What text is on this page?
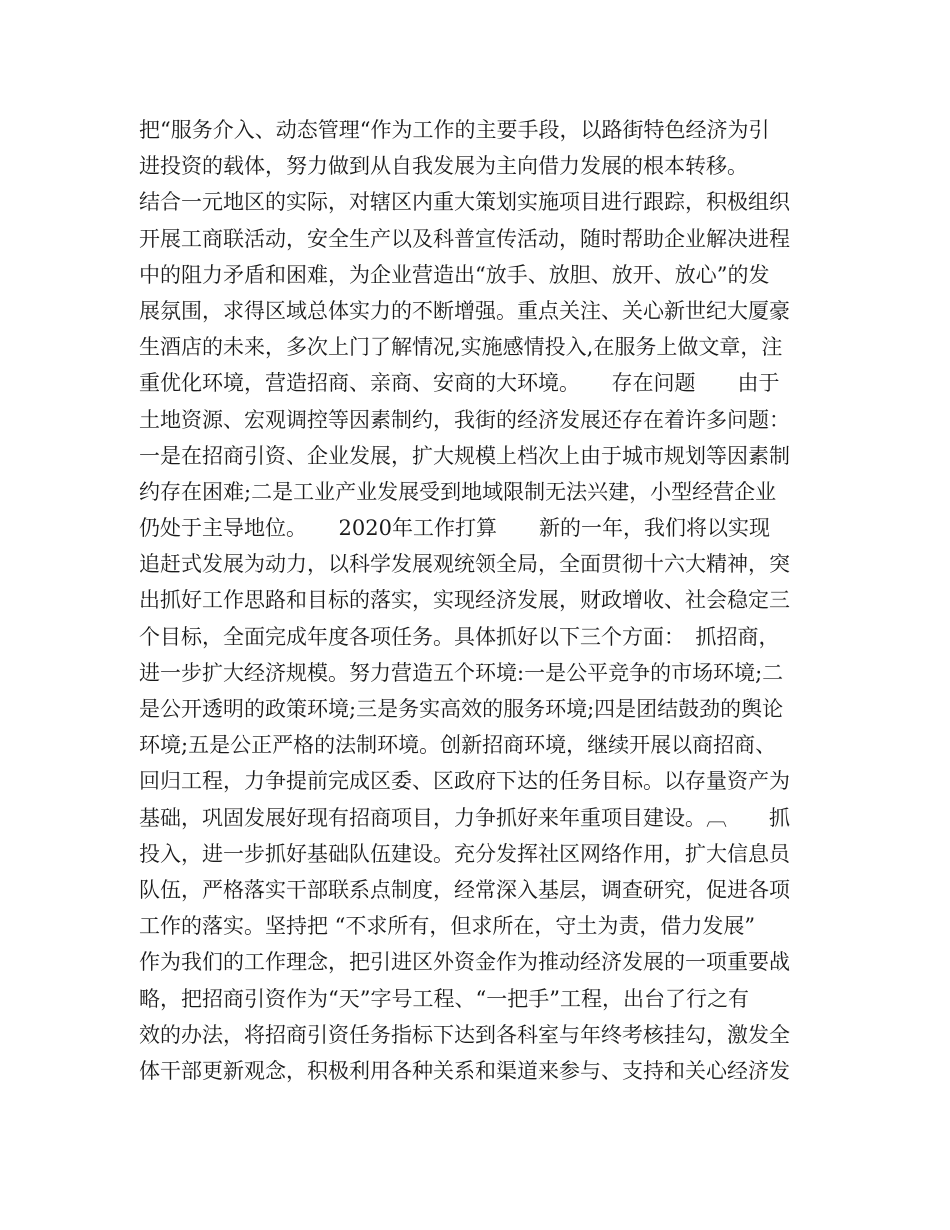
把“服务介入、动态管理“作为工作的主要手段，以路街特色经济为引
进投资的载体，努力做到从自我发展为主向借力发展的根本转移。
结合一元地区的实际，对辖区内重大策划实施项目进行跟踪，积极组织
开展工商联活动，安全生产以及科普宣传活动，随时帮助企业解决进程
中的阻力矛盾和困难，为企业营造出“放手、放胆、放开、放心”的发
展氛围，求得区域总体实力的不断增强。重点关注、关心新世纪大厦豪
生酒店的未来，多次上门了解情况,实施感情投入,在服务上做文章，注
重优化环境，营造招商、亲商、安商的大环境。　　存在问题　　由于
土地资源、宏观调控等因素制约，我街的经济发展还存在着许多问题：
一是在招商引资、企业发展，扩大规模上档次上由于城市规划等因素制
约存在困难;二是工业产业发展受到地域限制无法兴建，小型经营企业
仍处于主导地位。　　2020年工作打算　　新的一年，我们将以实现
追赶式发展为动力，以科学发展观统领全局，全面贯彻十六大精神，突
出抓好工作思路和目标的落实，实现经济发展，财政增收、社会稳定三
个目标，全面完成年度各项任务。具体抓好以下三个方面：　抓招商，
进一步扩大经济规模。努力营造五个环境:一是公平竞争的市场环境;二
是公开透明的政策环境;三是务实高效的服务环境;四是团结鼓劲的舆论
环境;五是公正严格的法制环境。创新招商环境，继续开展以商招商、
回归工程，力争提前完成区委、区政府下达的任务目标。以存量资产为
基础，巩固发展好现有招商项目，力争抓好来年重项目建设。︹　　抓
投入，进一步抓好基础队伍建设。充分发挥社区网络作用，扩大信息员
队伍，严格落实干部联系点制度，经常深入基层，调查研究，促进各项
工作的落实。坚持把 “不求所有，但求所在，守土为责，借力发展”
作为我们的工作理念，把引进区外资金作为推动经济发展的一项重要战
略，把招商引资作为“天”字号工程、“一把手”工程，出台了行之有
效的办法，将招商引资任务指标下达到各科室与年终考核挂勾，激发全
体干部更新观念，积极利用各种关系和渠道来参与、支持和关心经济发
